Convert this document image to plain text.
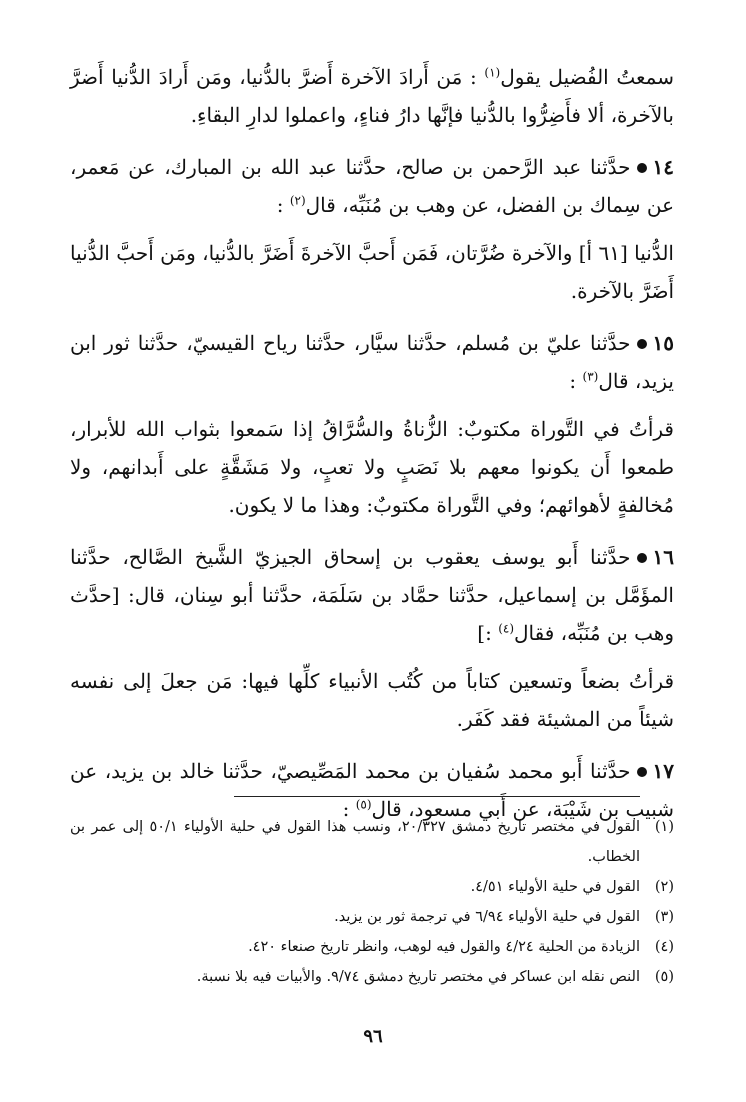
سمعتُ الفُضيل يقول$^{(١)}$ : مَن أَرادَ الآخرة أَضرَّ بالدُّنيا، ومَن أَرادَ الدُّنيا أَضرَّ بالآخرة، ألا فأَضِرُّوا بالدُّنيا فإنَّها دارُ فناءٍ، واعملوا لدارِ البقاءِ.

١٤حدَّثنا عبد الرَّحمن بن صالح، حدَّثنا عبد الله بن المبارك، عن مَعمر، عن سِماك بن الفضل، عن وهب بن مُنَبِّه، قال$^{(٢)}$ :

الدُّنيا [٦١ أ] والآخرة ضُرَّتان، فَمَن أَحبَّ الآخرةَ أَضَرَّ بالدُّنيا، ومَن أَحبَّ الدُّنيا أَضَرَّ بالآخرة.

١٥حدَّثنا عليّ بن مُسلم، حدَّثنا سيَّار، حدَّثنا رياح القيسيّ، حدَّثنا ثور ابن يزيد، قال$^{(٣)}$ :

قرأتُ في التَّوراة مكتوبٌ: الزُّناةُ والسُّرَّاقُ إذا سَمعوا بثواب الله للأبرار، طمعوا أَن يكونوا معهم بلا نَصَبٍ ولا تعبٍ، ولا مَشَقَّةٍ على أَبدانهم، ولا مُخالفةٍ لأهوائهم؛ وفي التَّوراة مكتوبٌ: وهذا ما لا يكون.

١٦حدَّثنا أَبو يوسف يعقوب بن إسحاق الجيزيّ الشَّيخ الصَّالح، حدَّثنا المؤَمَّل بن إسماعيل، حدَّثنا حمَّاد بن سَلَمَة، حدَّثنا أبو سِنان، قال: [حدَّث وهب بن مُنَبِّه، فقال$^{(٤)}$ :]

قرأتُ بضعاً وتسعين كتاباً من كُتُب الأنبياء كلِّها فيها: مَن جعلَ إلى نفسه شيئاً من المشيئة فقد كَفَر.

١٧حدَّثنا أَبو محمد سُفيان بن محمد المَصِّيصيّ، حدَّثنا خالد بن يزيد، عن شبيب بن شَيْبَة، عن أَبي مسعود، قال$^{(٥)}$ :

(١)
القول في مختصر تاريخ دمشق ٢٠/٣٢٧، ونسب هذا القول في حلية الأولياء ٥٠/١ إلى عمر بن الخطاب.
(٢)
القول في حلية الأولياء ٤/٥١.
(٣)
القول في حلية الأولياء ٦/٩٤ في ترجمة ثور بن يزيد.
(٤)
الزيادة من الحلية ٤/٢٤ والقول فيه لوهب، وانظر تاريخ صنعاء ٤٢٠.
(٥)
النص نقله ابن عساكر في مختصر تاريخ دمشق ٩/٧٤. والأبيات فيه بلا نسبة.
٩٦
